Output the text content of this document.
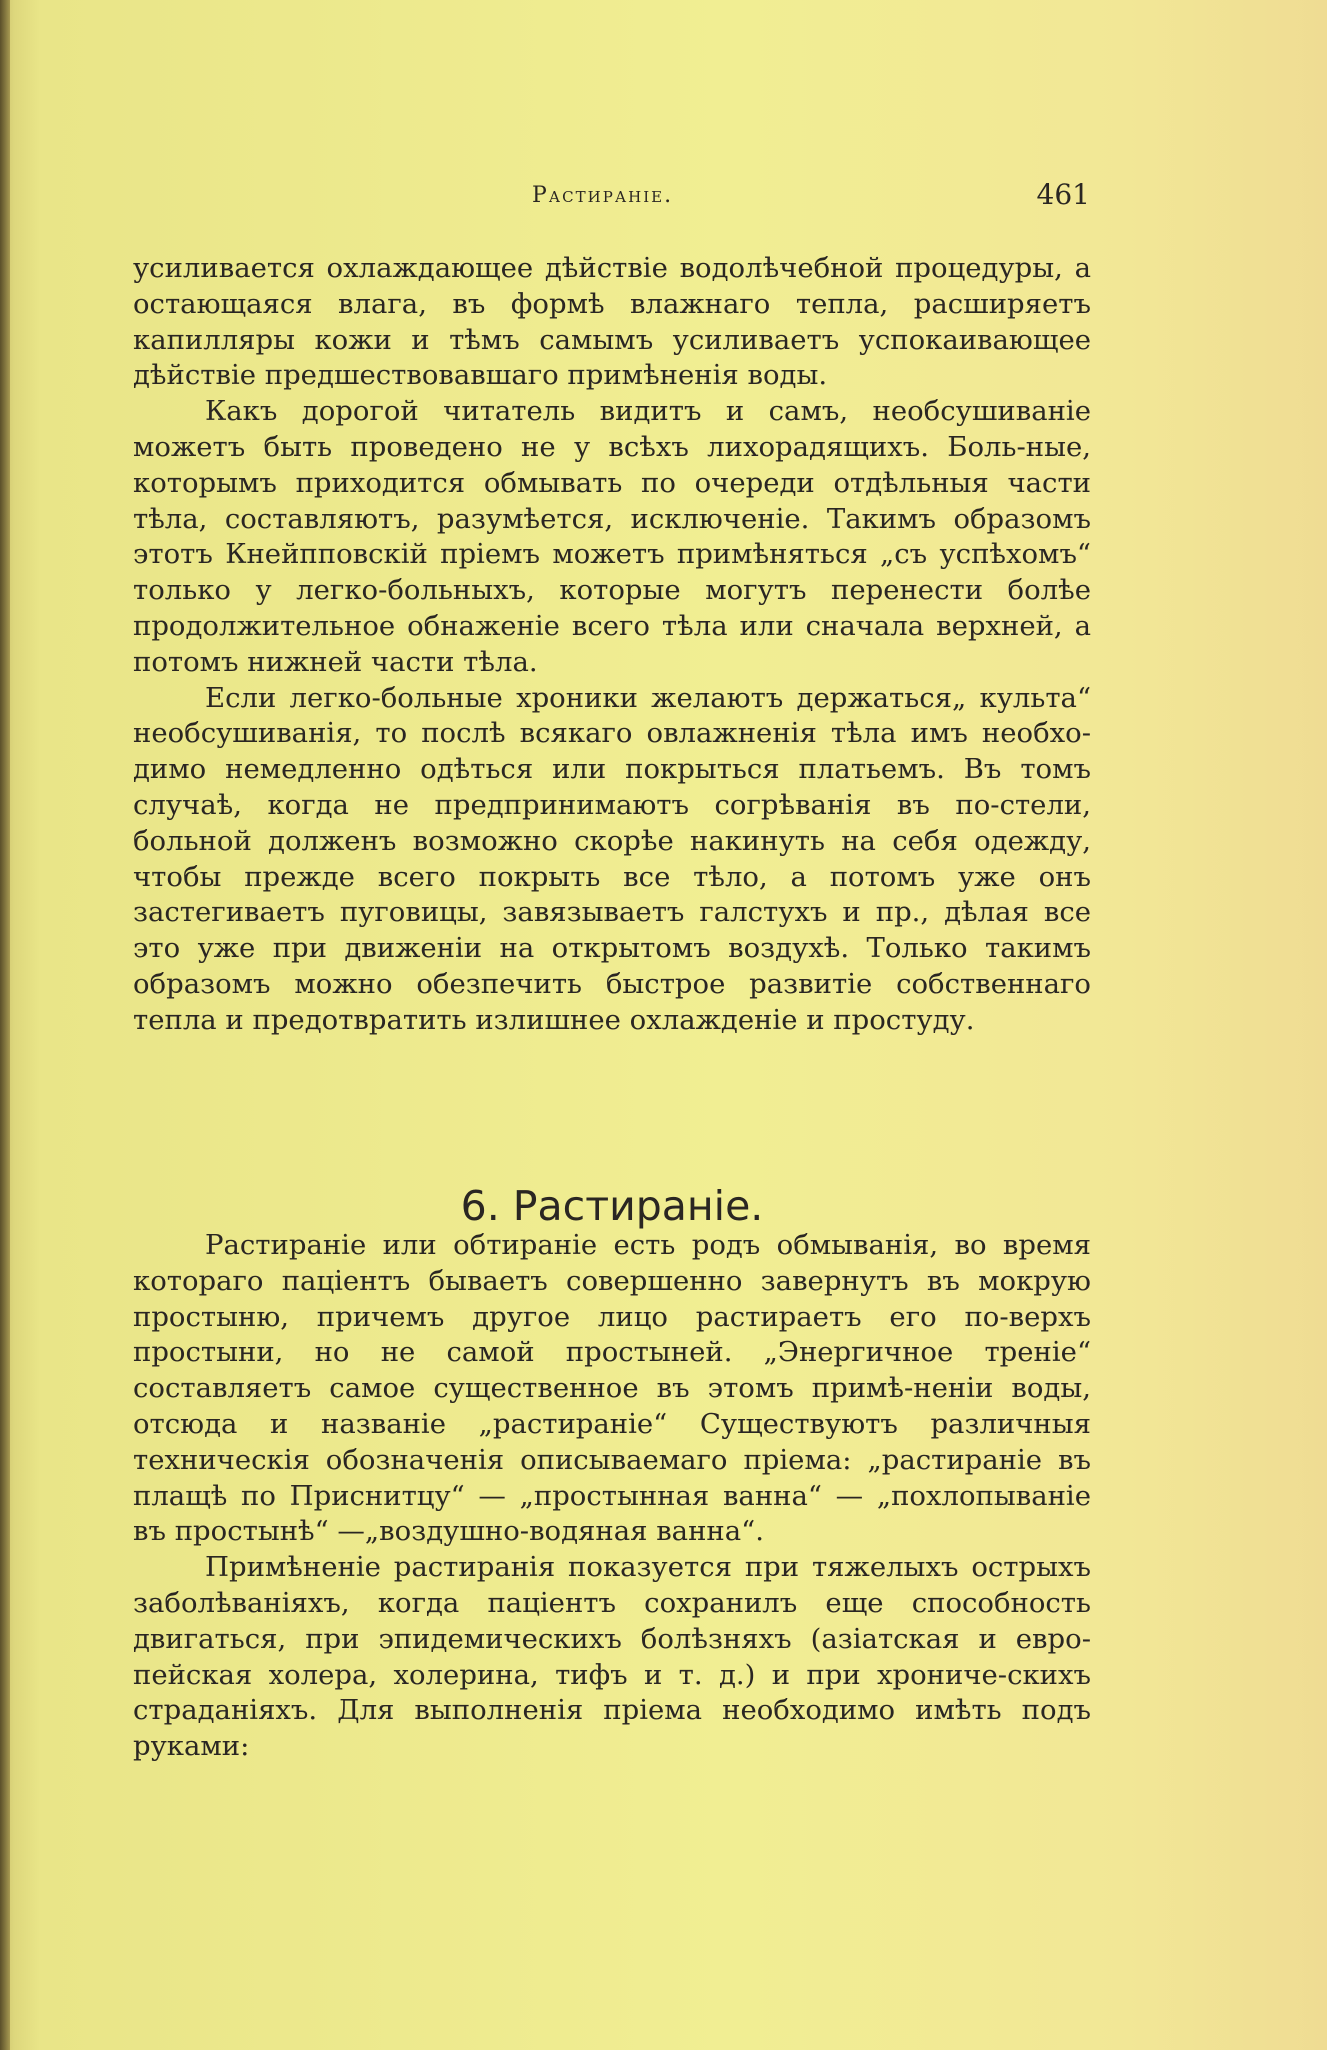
Растиранiе.	461

усиливается охлаждающее дѣйствiе водолѣчебной процедуры, а остающаяся влага, въ формѣ влажнаго тепла, расширяетъ капилляры кожи и тѣмъ самымъ усиливаетъ успокаивающее дѣйствiе предшествовавшаго примѣненiя воды.

Какъ дорогой читатель видитъ и самъ, необсушиванiе можетъ быть проведено не у всѣхъ лихорадящихъ. Боль-ные, которымъ приходится обмывать по очереди отдѣльныя части тѣла, составляютъ, разумѣется, исключенiе. Такимъ образомъ этотъ Кнейпповскiй прiемъ можетъ примѣняться „съ успѣхомъ“ только у легко-больныхъ, которые могутъ перенести болѣе продолжительное обнаженiе всего тѣла или сначала верхней, а потомъ нижней части тѣла.

Если легко-больные хроники желаютъ держаться„ культа“ необсушиванiя, то послѣ всякаго овлажненiя тѣла имъ необхо-димо немедленно одѣться или покрыться платьемъ. Въ томъ случаѣ, когда не предпринимаютъ согрѣванiя въ по-стели, больной долженъ возможно скорѣе накинуть на себя одежду, чтобы прежде всего покрыть все тѣло, а потомъ уже онъ застегиваетъ пуговицы, завязываетъ галстухъ и пр., дѣлая все это уже при движенiи на открытомъ воздухѣ. Только такимъ образомъ можно обезпечить быстрое развитiе собственнаго тепла и предотвратить излишнее охлажденiе и простуду.

6. Растиранiе.

Растиранiе или обтиранiе есть родъ обмыванiя, во время котораго пацiентъ бываетъ совершенно завернутъ въ мокрую простыню, причемъ другое лицо растираетъ его по-верхъ простыни, но не самой простыней. „Энергичное тренiе“ составляетъ самое существенное въ этомъ примѣ-ненiи воды, отсюда и названiе „растиранiе“ Существуютъ различныя техническiя обозначенiя описываемаго прiема: „растиранiе въ плащѣ по Приснитцу“ — „простынная ванна“ — „похлопыванiе въ простынѣ“ —„воздушно-водяная ванна“.

Примѣненiе растиранiя показуется при тяжелыхъ острыхъ заболѣванiяхъ, когда пацiентъ сохранилъ еще способность двигаться, при эпидемическихъ болѣзняхъ (азiатская и евро-пейская холера, холерина, тифъ и т. д.) и при хрониче-скихъ страданiяхъ. Для выполненiя прiема необходимо имѣть подъ руками:
